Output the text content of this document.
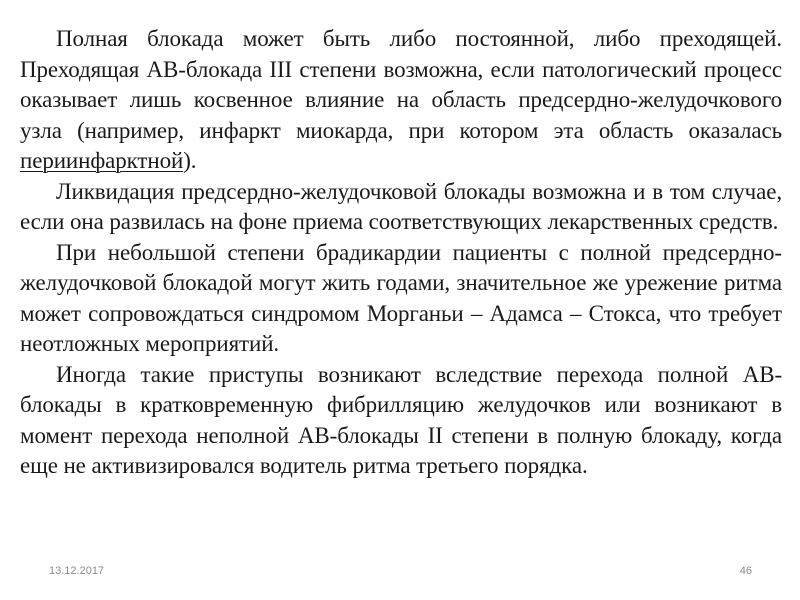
Полная блокада может быть либо постоянной, либо преходящей. Преходящая АВ-блокада III степени возможна, если патологический процесс оказывает лишь косвенное влияние на область предсердно-желудочкового узла (например, инфаркт миокарда, при котором эта область оказалась периинфарктной).

Ликвидация предсердно-желудочковой блокады возможна и в том случае, если она развилась на фоне приема соответствующих лекарственных средств.

При небольшой степени брадикардии пациенты с полной предсердно-желудочковой блокадой могут жить годами, значительное же урежение ритма может сопровождаться синдромом Морганьи – Адамса – Стокса, что требует неотложных мероприятий.

Иногда такие приступы возникают вследствие перехода полной АВ-блокады в кратковременную фибрилляцию желудочков или возникают в момент перехода неполной АВ-блокады II степени в полную блокаду, когда еще не активизировался водитель ритма третьего порядка.

13.12.2017	46
